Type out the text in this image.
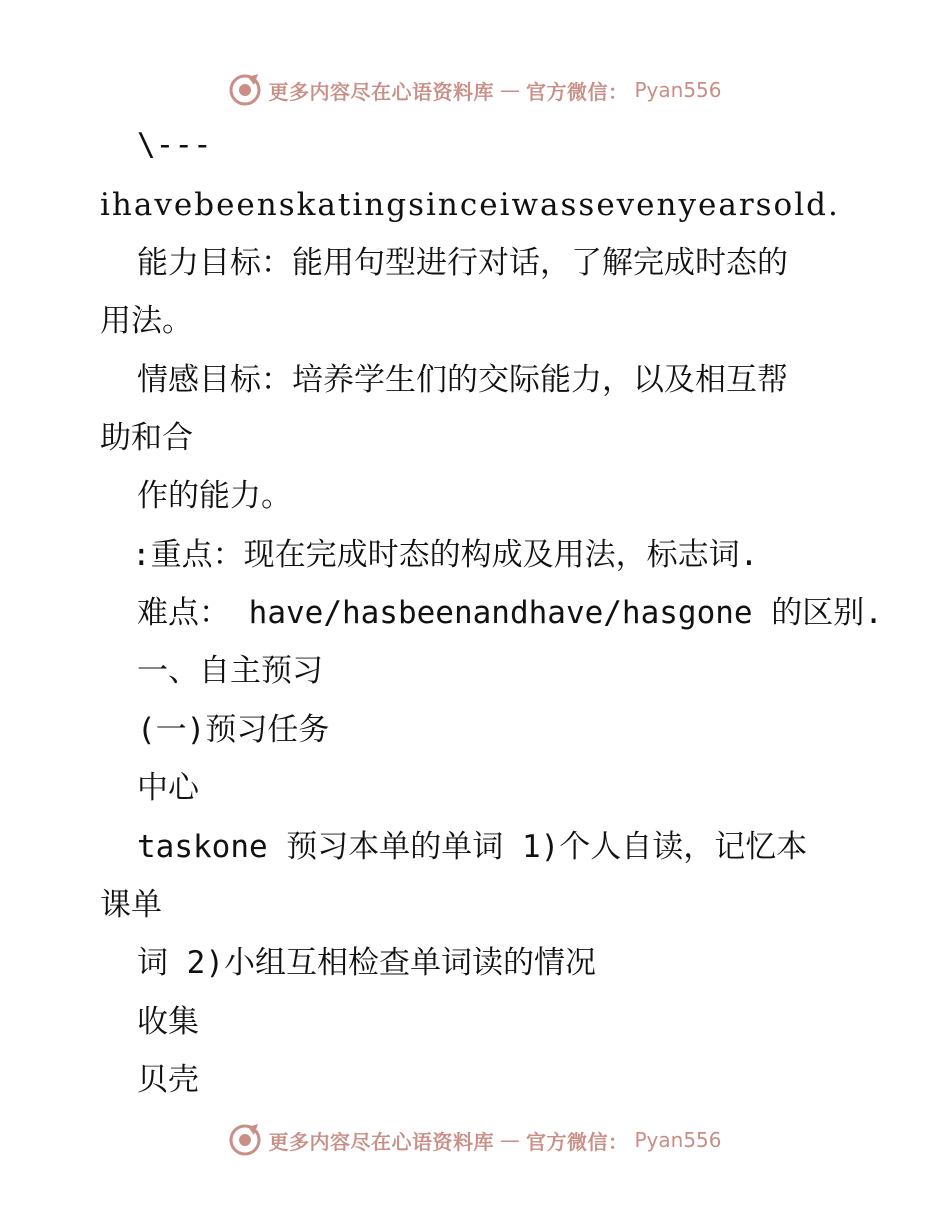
更多内容尽在心语资料库 — 官方微信： Pyan556
\---
ihavebeenskatingsinceiwassevenyearsold.
能力目标：能用句型进行对话，了解完成时态的
用法。
情感目标：培养学生们的交际能力，以及相互帮
助和合
作的能力。
:重点：现在完成时态的构成及用法，标志词.
难点： have/hasbeenandhave/hasgone 的区别.
一、自主预习
(一)预习任务
中心
taskone 预习本单的单词 1)个人自读，记忆本
课单
词 2)小组互相检查单词读的情况
收集
贝壳
更多内容尽在心语资料库 — 官方微信： Pyan556
